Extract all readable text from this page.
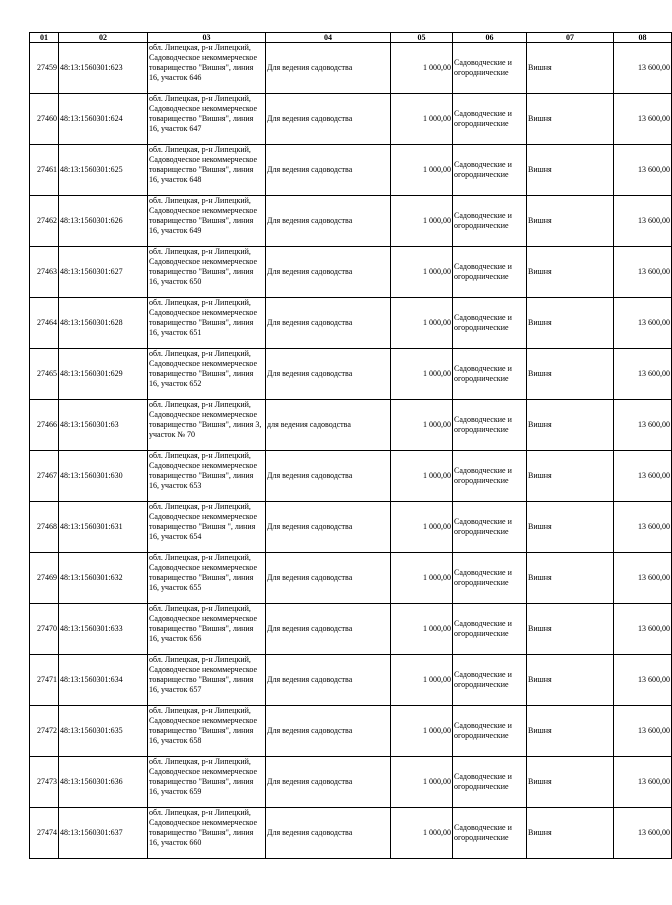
01	02	03	04	05	06	07	08
27459	48:13:1560301:623	обл. Липецкая, р-н Липецкий, Садоводческое некоммерческое товарищество "Вишня", линия 16, участок 646	Для ведения садоводства	1 000,00	Садоводческие и огороднические	Вишня	13 600,00
27460	48:13:1560301:624	обл. Липецкая, р-н Липецкий, Садоводческое некоммерческое товарищество "Вишня", линия 16, участок 647	Для ведения садоводства	1 000,00	Садоводческие и огороднические	Вишня	13 600,00
27461	48:13:1560301:625	обл. Липецкая, р-н Липецкий, Садоводческое некоммерческое товарищество "Вишня", линия 16, участок 648	Для ведения садоводства	1 000,00	Садоводческие и огороднические	Вишня	13 600,00
27462	48:13:1560301:626	обл. Липецкая, р-н Липецкий, Садоводческое некоммерческое товарищество "Вишня", линия 16, участок 649	Для ведения садоводства	1 000,00	Садоводческие и огороднические	Вишня	13 600,00
27463	48:13:1560301:627	обл. Липецкая, р-н Липецкий, Садоводческое некоммерческое товарищество "Вишня", линия 16, участок 650	Для ведения садоводства	1 000,00	Садоводческие и огороднические	Вишня	13 600,00
27464	48:13:1560301:628	обл. Липецкая, р-н Липецкий, Садоводческое некоммерческое товарищество "Вишня", линия 16, участок 651	Для ведения садоводства	1 000,00	Садоводческие и огороднические	Вишня	13 600,00
27465	48:13:1560301:629	обл. Липецкая, р-н Липецкий, Садоводческое некоммерческое товарищество "Вишня", линия 16, участок 652	Для ведения садоводства	1 000,00	Садоводческие и огороднические	Вишня	13 600,00
27466	48:13:1560301:63	обл. Липецкая, р-н Липецкий, Садоводческое некоммерческое товарищество "Вишня", линия 3, участок № 70	для ведения садоводства	1 000,00	Садоводческие и огороднические	Вишня	13 600,00
27467	48:13:1560301:630	обл. Липецкая, р-н Липецкий, Садоводческое некоммерческое товарищество "Вишня", линия 16, участок 653	Для ведения садоводства	1 000,00	Садоводческие и огороднические	Вишня	13 600,00
27468	48:13:1560301:631	обл. Липецкая, р-н Липецкий, Садоводческое некоммерческое товарищество "Вишня ", линия 16, участок 654	Для ведения садоводства	1 000,00	Садоводческие и огороднические	Вишня	13 600,00
27469	48:13:1560301:632	обл. Липецкая, р-н Липецкий, Садоводческое некоммерческое товарищество "Вишня", линия 16, участок 655	Для ведения садоводства	1 000,00	Садоводческие и огороднические	Вишня	13 600,00
27470	48:13:1560301:633	обл. Липецкая, р-н Липецкий, Садоводческое некоммерческое товарищество "Вишня", линия 16, участок 656	Для ведения садоводства	1 000,00	Садоводческие и огороднические	Вишня	13 600,00
27471	48:13:1560301:634	обл. Липецкая, р-н Липецкий, Садоводческое некоммерческое товарищество "Вишня", линия 16, участок 657	Для ведения садоводства	1 000,00	Садоводческие и огороднические	Вишня	13 600,00
27472	48:13:1560301:635	обл. Липецкая, р-н Липецкий, Садоводческое некоммерческое товарищество "Вишня", линия 16, участок 658	Для ведения садоводства	1 000,00	Садоводческие и огороднические	Вишня	13 600,00
27473	48:13:1560301:636	обл. Липецкая, р-н Липецкий, Садоводческое некоммерческое товарищество "Вишня", линия 16, участок 659	Для ведения садоводства	1 000,00	Садоводческие и огороднические	Вишня	13 600,00
27474	48:13:1560301:637	обл. Липецкая, р-н Липецкий, Садоводческое некоммерческое товарищество "Вишня", линия 16, участок 660	Для ведения садоводства	1 000,00	Садоводческие и огороднические	Вишня	13 600,00
